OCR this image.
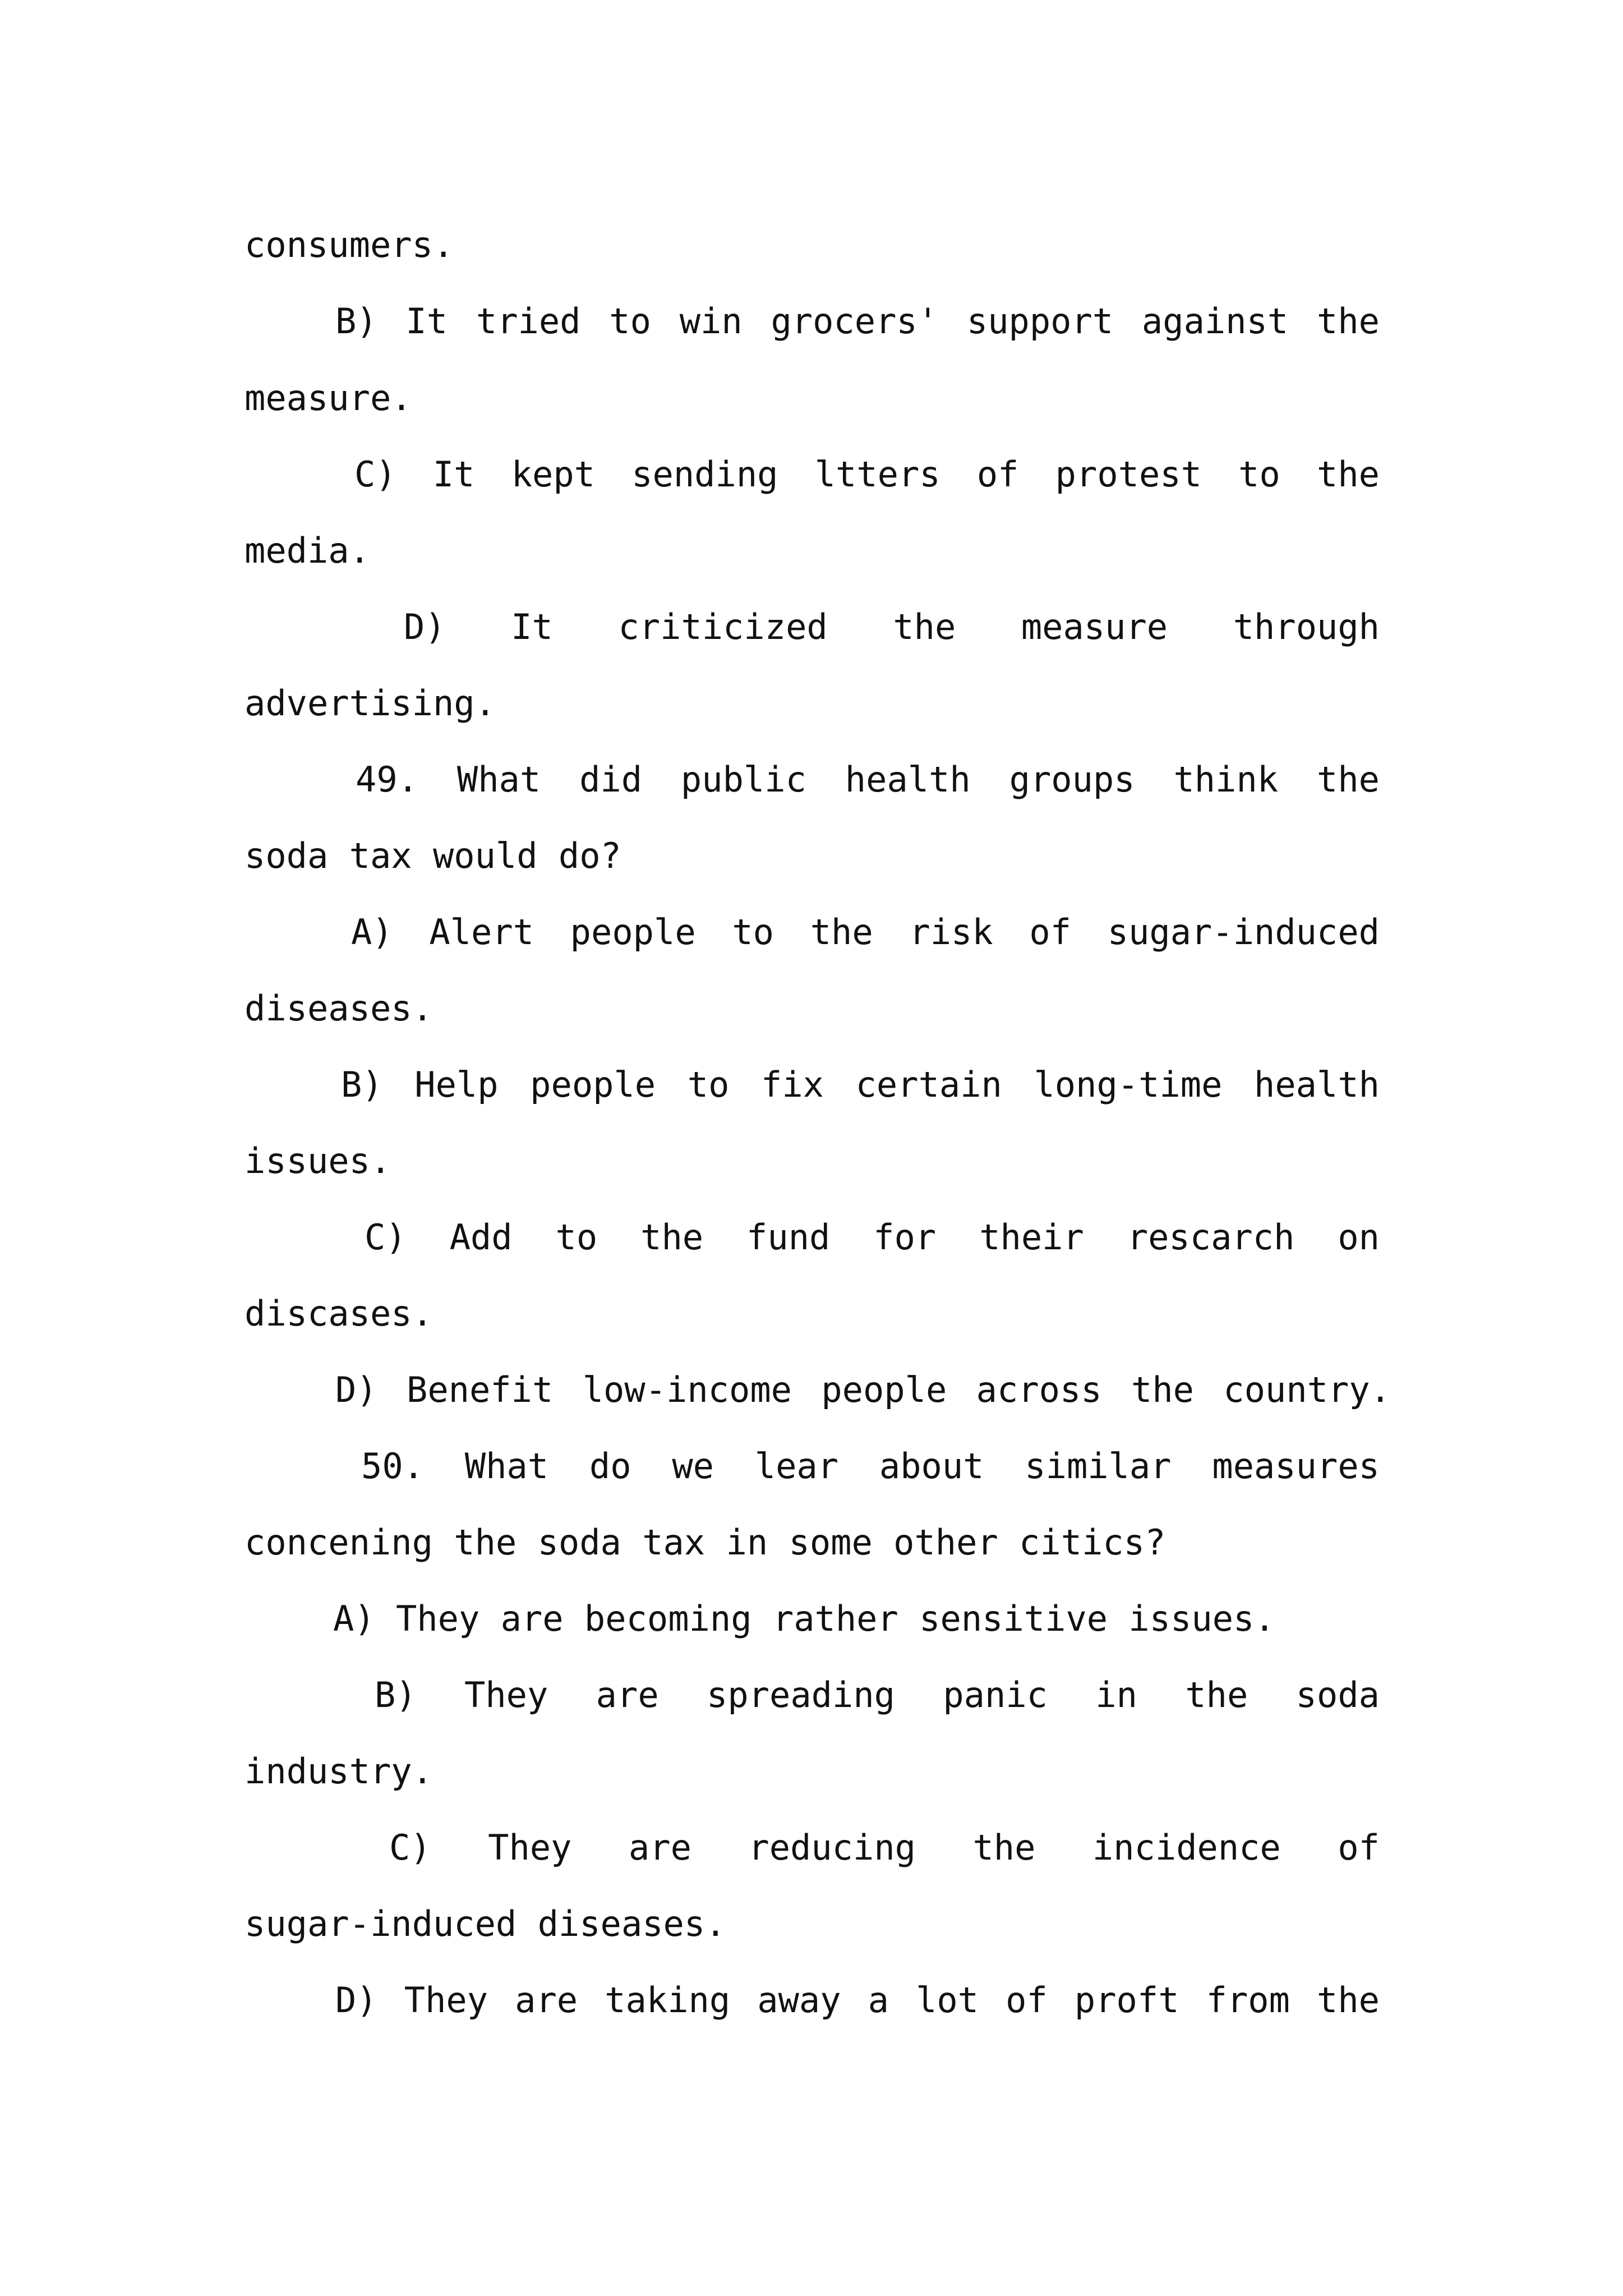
consumers.
B) It tried to win grocers' support against the
measure.
C) It kept sending ltters of protest to the
media.
D) It criticized the measure through
advertising.
49. What did public health groups think the
soda tax would do?
A) Alert people to the risk of sugar-induced
diseases.
B) Help people to fix certain long-time health
issues.
C) Add to the fund for their rescarch on
discases.
D) Benefit low-income people across the country.
50. What do we lear about similar measures
concening the soda tax in some other citics?
A) They are becoming rather sensitive issues.
B) They are spreading panic in the soda
industry.
C) They are reducing the incidence of
sugar-induced diseases.
D) They are taking away a lot of proft from the
